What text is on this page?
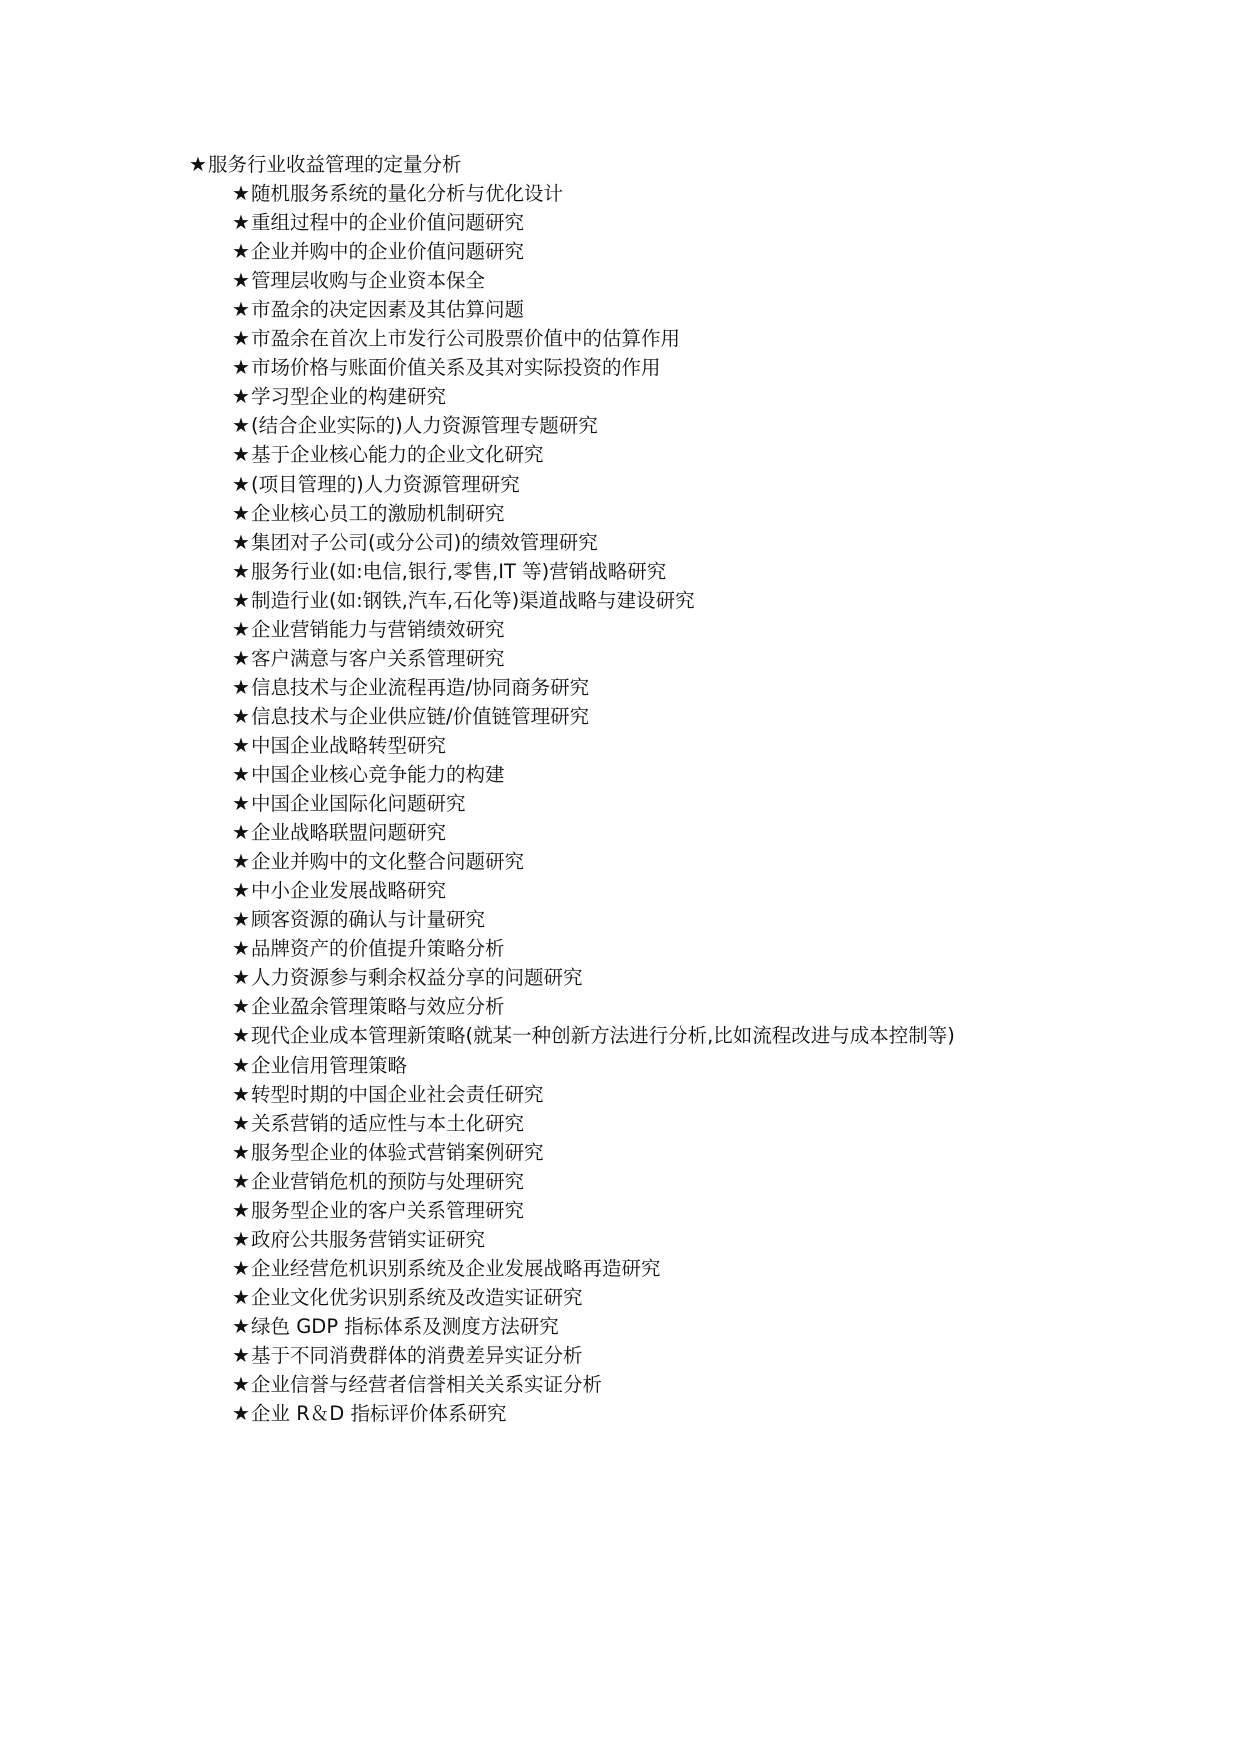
★服务行业收益管理的定量分析
★随机服务系统的量化分析与优化设计
★重组过程中的企业价值问题研究
★企业并购中的企业价值问题研究
★管理层收购与企业资本保全
★市盈余的决定因素及其估算问题
★市盈余在首次上市发行公司股票价值中的估算作用
★市场价格与账面价值关系及其对实际投资的作用
★学习型企业的构建研究
★(结合企业实际的)人力资源管理专题研究
★基于企业核心能力的企业文化研究
★(项目管理的)人力资源管理研究
★企业核心员工的激励机制研究
★集团对子公司(或分公司)的绩效管理研究
★服务行业(如:电信,银行,零售,IT 等)营销战略研究
★制造行业(如:钢铁,汽车,石化等)渠道战略与建设研究
★企业营销能力与营销绩效研究
★客户满意与客户关系管理研究
★信息技术与企业流程再造/协同商务研究
★信息技术与企业供应链/价值链管理研究
★中国企业战略转型研究
★中国企业核心竞争能力的构建
★中国企业国际化问题研究
★企业战略联盟问题研究
★企业并购中的文化整合问题研究
★中小企业发展战略研究
★顾客资源的确认与计量研究
★品牌资产的价值提升策略分析
★人力资源参与剩余权益分享的问题研究
★企业盈余管理策略与效应分析
★现代企业成本管理新策略(就某一种创新方法进行分析,比如流程改进与成本控制等)
★企业信用管理策略
★转型时期的中国企业社会责任研究
★关系营销的适应性与本土化研究
★服务型企业的体验式营销案例研究
★企业营销危机的预防与处理研究
★服务型企业的客户关系管理研究
★政府公共服务营销实证研究
★企业经营危机识别系统及企业发展战略再造研究
★企业文化优劣识别系统及改造实证研究
★绿色 GDP 指标体系及测度方法研究
★基于不同消费群体的消费差异实证分析
★企业信誉与经营者信誉相关关系实证分析
★企业 R＆D 指标评价体系研究
